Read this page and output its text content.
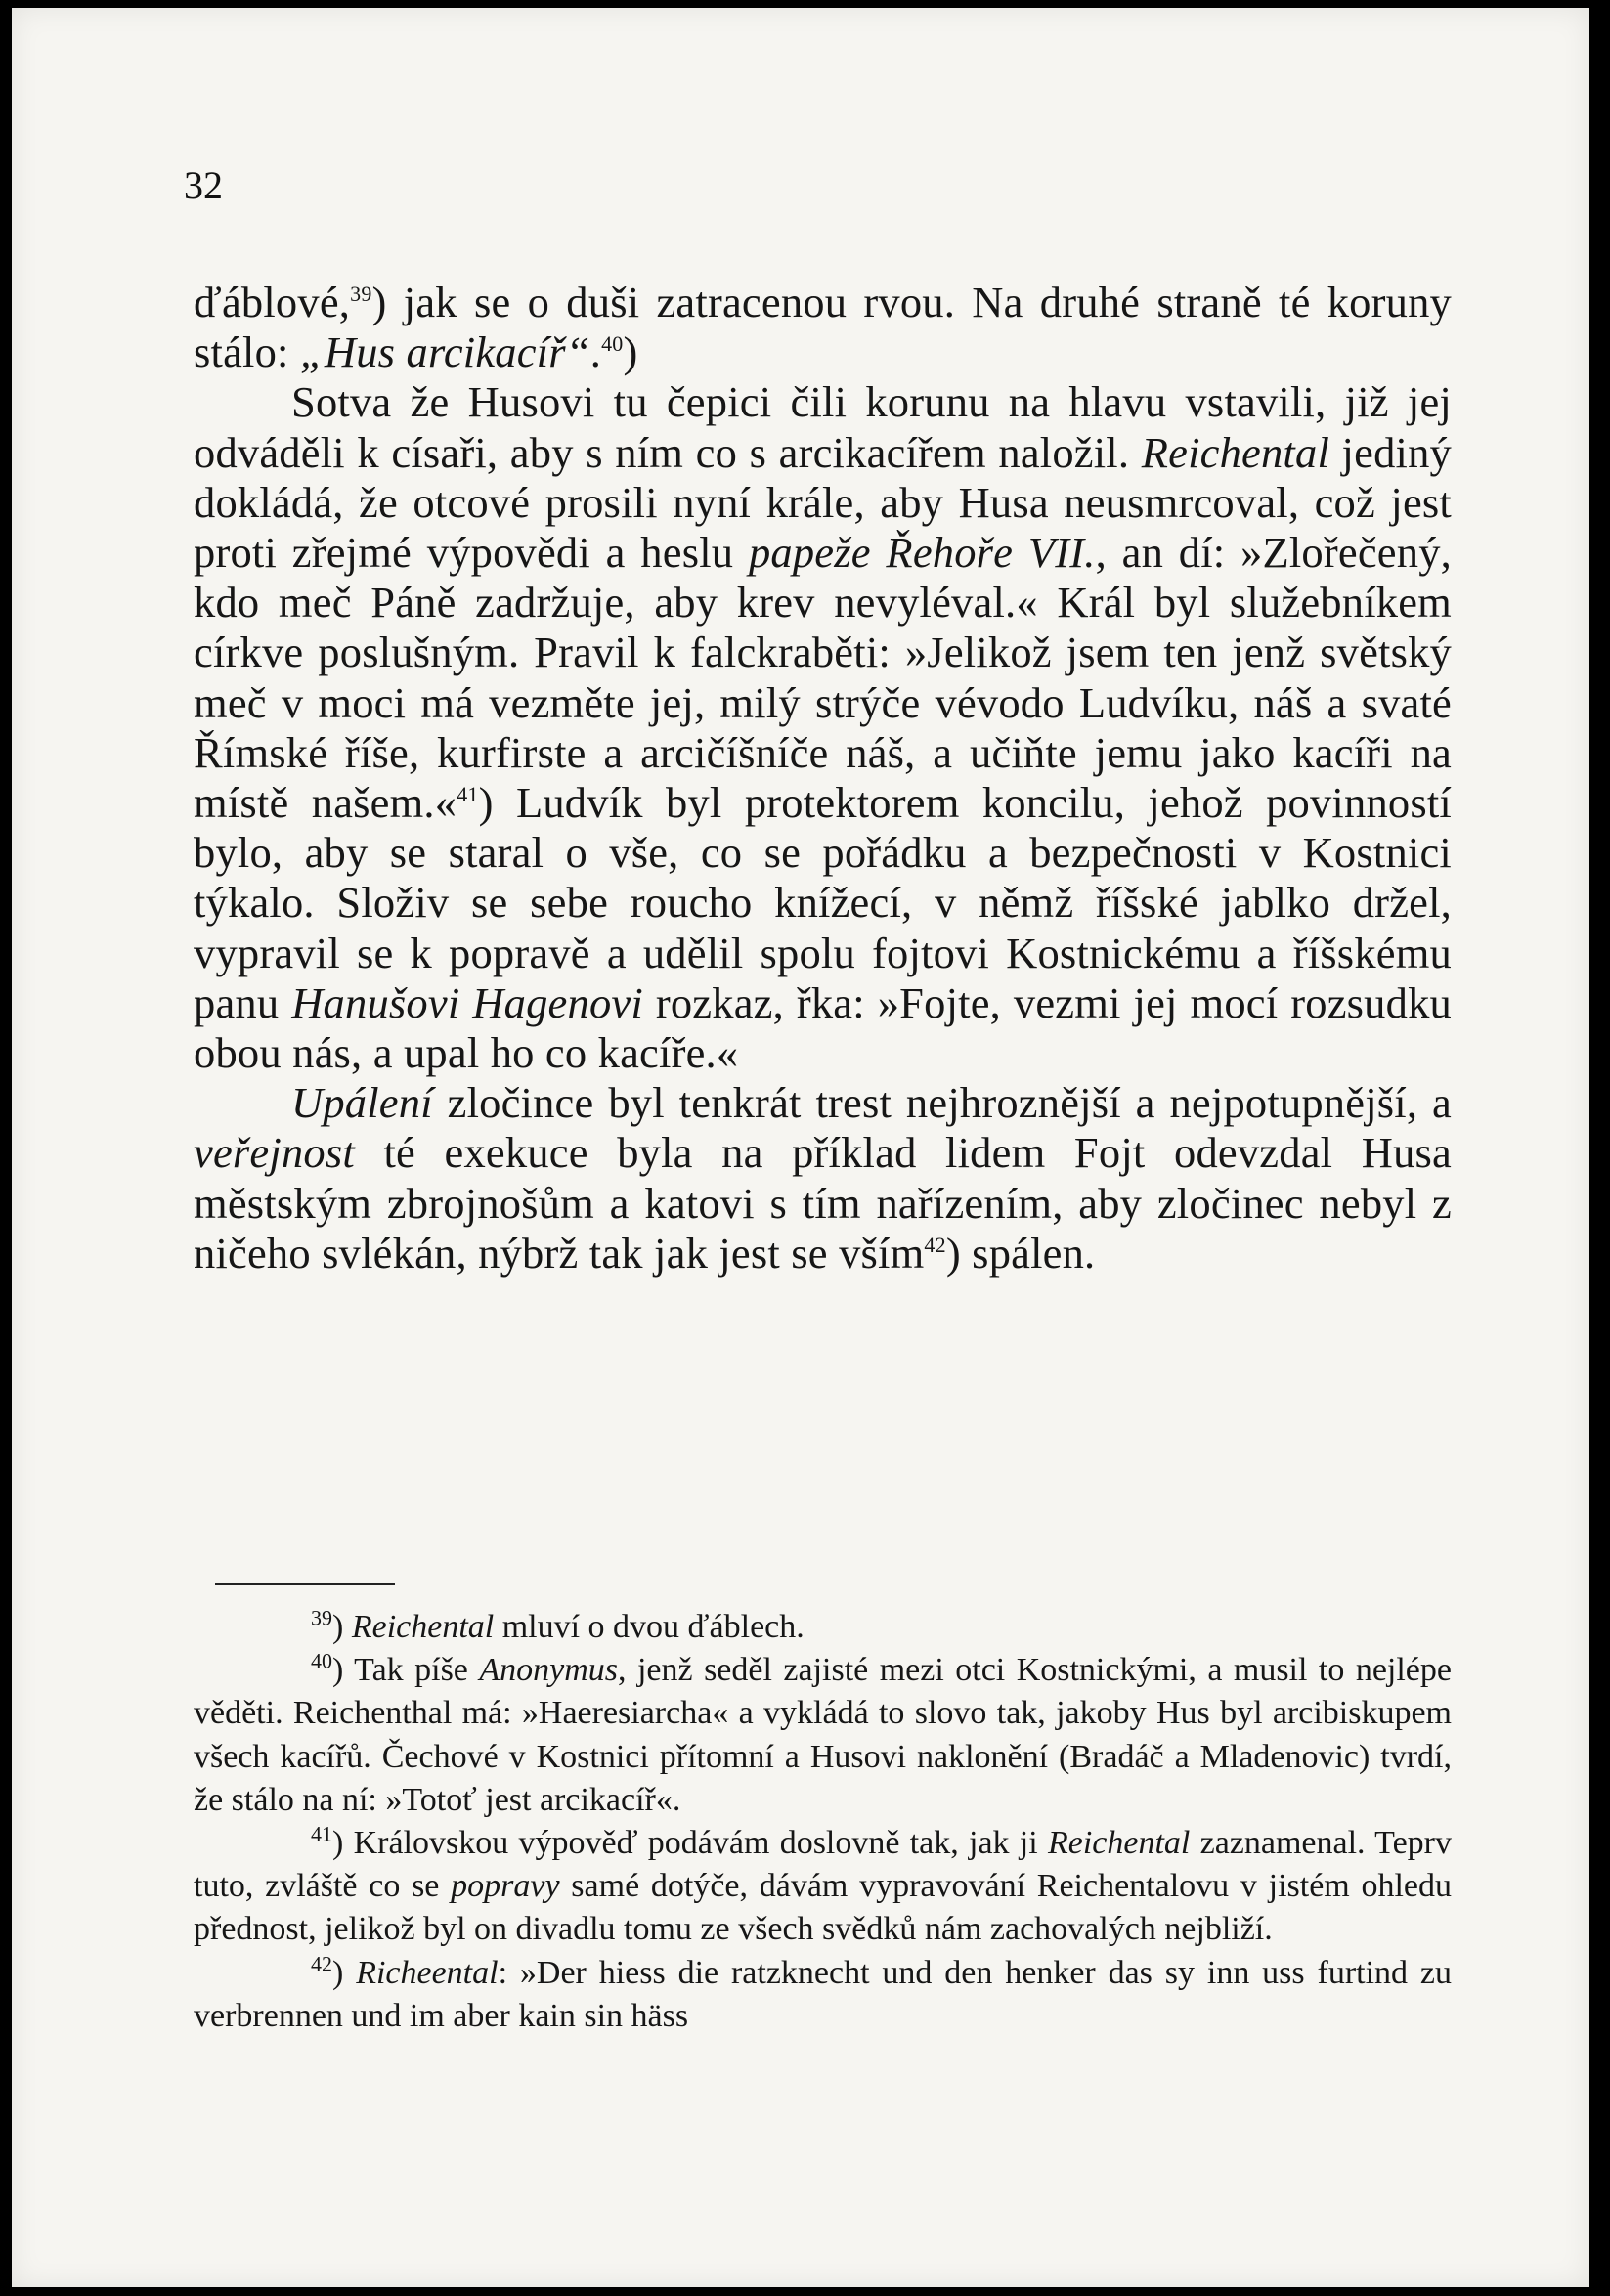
32

ďáblové,$^{39}$) jak se o duši zatracenou rvou. Na druhé straně té koruny stálo: „Hus arcikacíř“.$^{40}$)

Sotva že Husovi tu čepici čili korunu na hlavu vstavili, již jej odváděli k císaři, aby s ním co s arcikacířem naložil. Reichental jediný dokládá, že otcové prosili nyní krále, aby Husa neusmrcoval, což jest proti zřejmé výpovědi a heslu papeže Řehoře VII., an dí: »Zlořečený, kdo meč Páně zadržuje, aby krev nevyléval.« Král byl služebníkem církve poslušným. Pravil k falckraběti: »Jelikož jsem ten jenž světský meč v moci má vezměte jej, milý strýče vévodo Ludvíku, náš a svaté Římské říše, kurfirste a arcičíšníče náš, a učiňte jemu jako kacíři na místě našem.«$^{41}$) Ludvík byl protektorem koncilu, jehož povinností bylo, aby se staral o vše, co se pořádku a bezpečnosti v Kostnici týkalo. Složiv se sebe roucho knížecí, v němž říšské jablko držel, vypravil se k popravě a udělil spolu fojtovi Kostnickému a říšskému panu Hanušovi Hagenovi rozkaz, řka: »Fojte, vezmi jej mocí rozsudku obou nás, a upal ho co kacíře.«

Upálení zločince byl tenkrát trest nejhroznější a nejpotupnější, a veřejnost té exekuce byla na příklad lidem Fojt odevzdal Husa městským zbrojnošům a katovi s tím nařízením, aby zločinec nebyl z ničeho svlékán, nýbrž tak jak jest se vším$^{42}$) spálen.

$^{39}$) Reichental mluví o dvou ďáblech.

$^{40}$) Tak píše Anonymus, jenž seděl zajisté mezi otci Kostnickými, a musil to nejlépe věděti. Reichenthal má: »Haeresiarcha« a vykládá to slovo tak, jakoby Hus byl arcibiskupem všech kacířů. Čechové v Kostnici přítomní a Husovi naklonění (Bradáč a Mladenovic) tvrdí, že stálo na ní: »Totoť jest arcikacíř«.

$^{41}$) Královskou výpověď podávám doslovně tak, jak ji Reichental zaznamenal. Teprv tuto, zvláště co se popravy samé dotýče, dávám vypravování Reichentalovu v jistém ohledu přednost, jelikož byl on divadlu tomu ze všech svědků nám zachovalých nejbliží.

$^{42}$) Richeental: »Der hiess die ratzknecht und den henker das sy inn uss furtind zu verbrennen und im aber kain sin häss
